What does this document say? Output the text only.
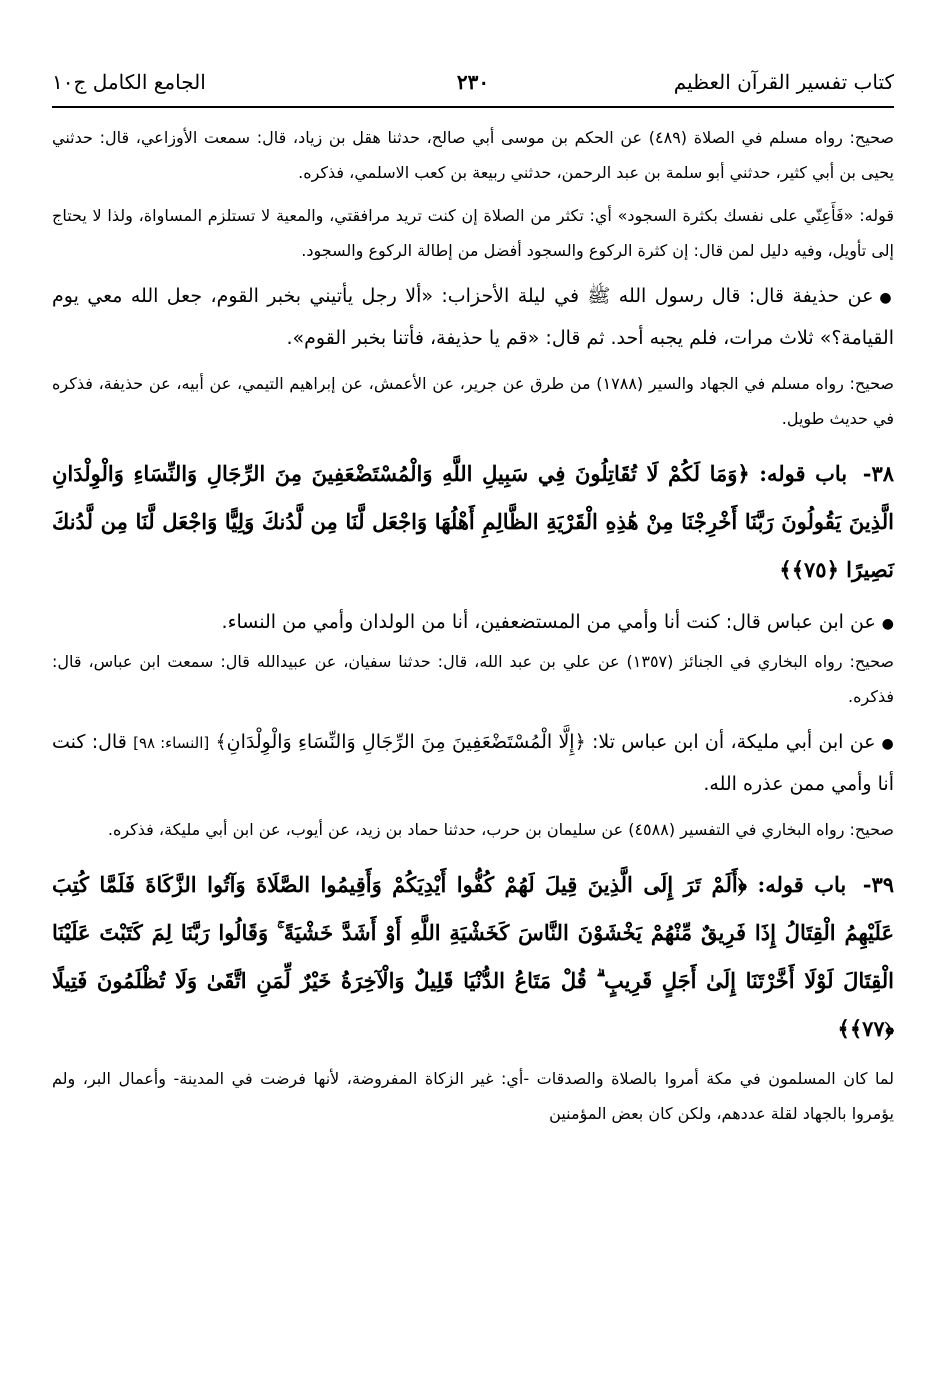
كتاب تفسير القرآن العظيم
٢٣٠
الجامع الكامل ج١٠
صحيح: رواه مسلم في الصلاة (٤٨٩) عن الحكم بن موسى أبي صالح، حدثنا هقل بن زياد، قال: سمعت الأوزاعي، قال: حدثني يحيى بن أبي كثير، حدثني أبو سلمة بن عبد الرحمن، حدثني ربيعة بن كعب الاسلمي، فذكره.
قوله: «فَأَعِنّي على نفسك بكثرة السجود» أي: تكثر من الصلاة إن كنت تريد مرافقتي، والمعية لا تستلزم المساواة، ولذا لا يحتاج إلى تأويل، وفيه دليل لمن قال: إن كثرة الركوع والسجود أفضل من إطالة الركوع والسجود.
●عن حذيفة قال: قال رسول الله ﷺ في ليلة الأحزاب: «ألا رجل يأتيني بخبر القوم، جعل الله معي يوم القيامة؟» ثلاث مرات، فلم يجبه أحد. ثم قال: «قم يا حذيفة، فأتنا بخبر القوم».
صحيح: رواه مسلم في الجهاد والسير (١٧٨٨) من طرق عن جرير، عن الأعمش، عن إبراهيم التيمي، عن أبيه، عن حذيفة، فذكره في حديث طويل.
٣٨- باب قوله: ﴿وَمَا لَكُمْ لَا تُقَاتِلُونَ فِي سَبِيلِ اللَّهِ وَالْمُسْتَضْعَفِينَ مِنَ الرِّجَالِ وَالنِّسَاءِ وَالْوِلْدَانِ الَّذِينَ يَقُولُونَ رَبَّنَا أَخْرِجْنَا مِنْ هَٰذِهِ الْقَرْيَةِ الظَّالِمِ أَهْلُهَا وَاجْعَل لَّنَا مِن لَّدُنكَ وَلِيًّا وَاجْعَل لَّنَا مِن لَّدُنكَ نَصِيرًا ﴿٧٥﴾﴾
●عن ابن عباس قال: كنت أنا وأمي من المستضعفين، أنا من الولدان وأمي من النساء.
صحيح: رواه البخاري في الجنائز (١٣٥٧) عن علي بن عبد الله، قال: حدثنا سفيان، عن عبيدالله قال: سمعت ابن عباس، قال: فذكره.
●عن ابن أبي مليكة، أن ابن عباس تلا: ﴿إِلَّا الْمُسْتَضْعَفِينَ مِنَ الرِّجَالِ وَالنِّسَاءِ وَالْوِلْدَانِ﴾ [النساء: ٩٨] قال: كنت أنا وأمي ممن عذره الله.
صحيح: رواه البخاري في التفسير (٤٥٨٨) عن سليمان بن حرب، حدثنا حماد بن زيد، عن أيوب، عن ابن أبي مليكة، فذكره.
٣٩- باب قوله: ﴿أَلَمْ تَرَ إِلَى الَّذِينَ قِيلَ لَهُمْ كُفُّوا أَيْدِيَكُمْ وَأَقِيمُوا الصَّلَاةَ وَآتُوا الزَّكَاةَ فَلَمَّا كُتِبَ عَلَيْهِمُ الْقِتَالُ إِذَا فَرِيقٌ مِّنْهُمْ يَخْشَوْنَ النَّاسَ كَخَشْيَةِ اللَّهِ أَوْ أَشَدَّ خَشْيَةً ۚ وَقَالُوا رَبَّنَا لِمَ كَتَبْتَ عَلَيْنَا الْقِتَالَ لَوْلَا أَخَّرْتَنَا إِلَىٰ أَجَلٍ قَرِيبٍ ۗ قُلْ مَتَاعُ الدُّنْيَا قَلِيلٌ وَالْآخِرَةُ خَيْرٌ لِّمَنِ اتَّقَىٰ وَلَا تُظْلَمُونَ فَتِيلًا ﴿٧٧﴾﴾
لما كان المسلمون في مكة أمروا بالصلاة والصدقات -أي: غير الزكاة المفروضة، لأنها فرضت في المدينة- وأعمال البر، ولم يؤمروا بالجهاد لقلة عددهم، ولكن كان بعض المؤمنين
